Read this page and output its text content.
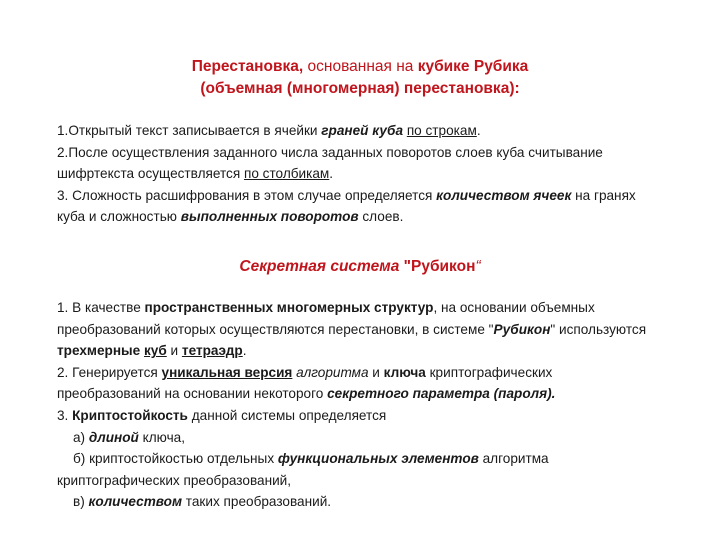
Перестановка, основанная на кубике Рубика
(объемная (многомерная) перестановка):
1.Открытый текст записывается в ячейки граней куба по строкам.
2.После осуществления заданного числа заданных поворотов слоев куба считывание
шифртекста осуществляется по столбикам.
3. Сложность расшифрования в этом случае определяется количеством ячеек на гранях
куба и сложностью выполненных поворотов слоев.
Секретная система "Рубикон“
1. В качестве пространственных многомерных структур, на основании объемных
преобразований которых осуществляются перестановки, в системе "Рубикон" используются
трехмерные куб и тетраэдр.
2. Генерируется уникальная версия алгоритма и ключа криптографических
преобразований на основании некоторого секретного параметра (пароля).
3. Криптостойкость данной системы определяется
а) длиной ключа,
б) криптостойкостью отдельных функциональных элементов алгоритма
криптографических преобразований,
в) количеством таких преобразований.
